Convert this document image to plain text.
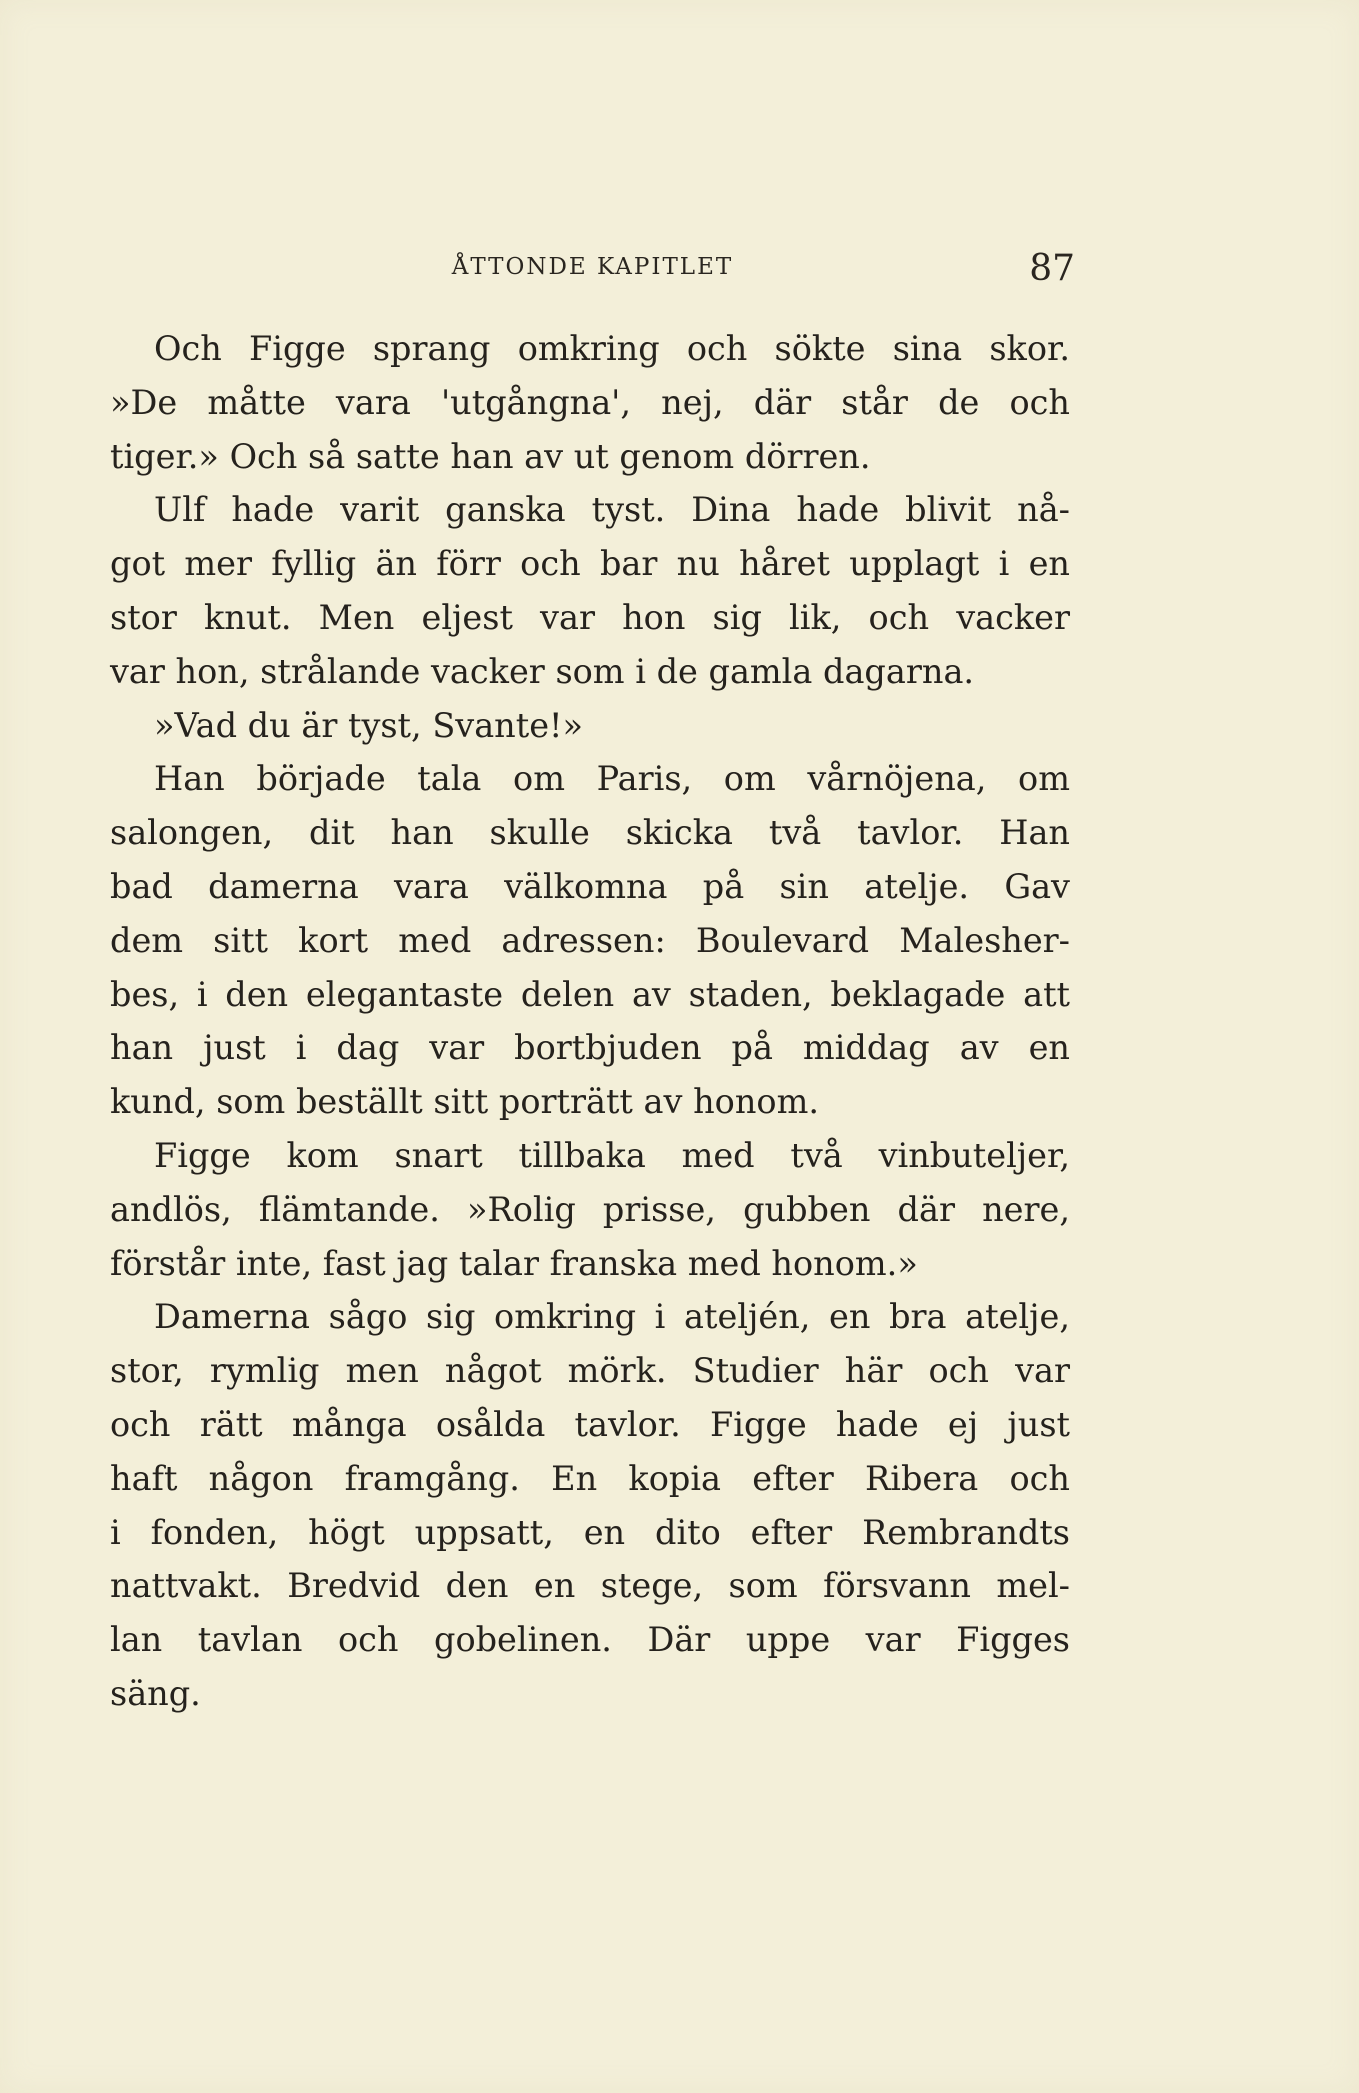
ÅTTONDE KAPITLET	87
Och Figge sprang omkring och sökte sina skor.
»De måtte vara 'utgångna', nej, där står de och
tiger.» Och så satte han av ut genom dörren.
Ulf hade varit ganska tyst. Dina hade blivit nå-
got mer fyllig än förr och bar nu håret upplagt i en
stor knut. Men eljest var hon sig lik, och vacker
var hon, strålande vacker som i de gamla dagarna.
»Vad du är tyst, Svante!»
Han började tala om Paris, om vårnöjena, om
salongen, dit han skulle skicka två tavlor. Han
bad damerna vara välkomna på sin atelje. Gav
dem sitt kort med adressen: Boulevard Malesher-
bes, i den elegantaste delen av staden, beklagade att
han just i dag var bortbjuden på middag av en
kund, som beställt sitt porträtt av honom.
Figge kom snart tillbaka med två vinbuteljer,
andlös, flämtande. »Rolig prisse, gubben där nere,
förstår inte, fast jag talar franska med honom.»
Damerna sågo sig omkring i ateljén, en bra atelje,
stor, rymlig men något mörk. Studier här och var
och rätt många osålda tavlor. Figge hade ej just
haft någon framgång. En kopia efter Ribera och
i fonden, högt uppsatt, en dito efter Rembrandts
nattvakt. Bredvid den en stege, som försvann mel-
lan tavlan och gobelinen. Där uppe var Figges
säng.
